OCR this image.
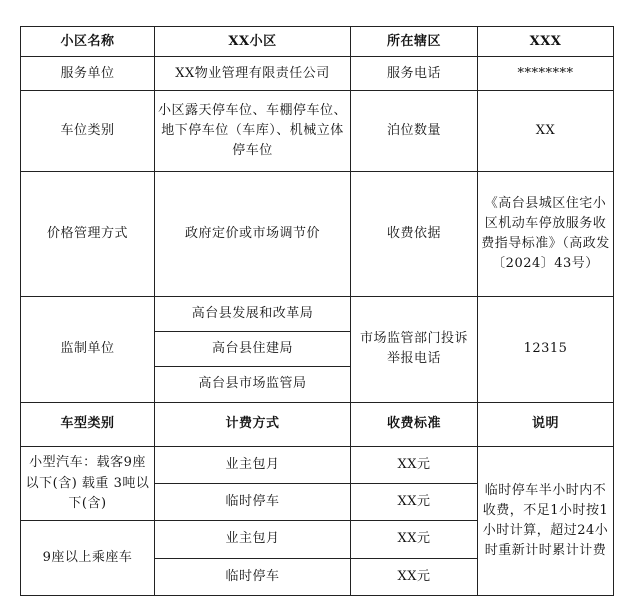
小区名称	XX小区	所在辖区	XXX
服务单位	XX物业管理有限责任公司	服务电话	********
车位类别	小区露天停车位、车棚停车位、地下停车位（车库）、机械立体停车位	泊位数量	XX
价格管理方式	政府定价或市场调节价	收费依据	《高台县城区住宅小区机动车停放服务收费指导标准》（高政发〔2024〕43号）
监制单位	高台县发展和改革局	市场监管部门投诉举报电话	12315
	高台县住建局		
	高台县市场监管局		
车型类别	计费方式	收费标准	说明
小型汽车：载客9座以下(含) 载重 3吨以下(含)	业主包月	XX元	临时停车半小时内不收费，不足1小时按1小时计算，超过24小时重新计时累计计费
	临时停车	XX元	
9座以上乘座车	业主包月	XX元	
	临时停车	XX元	
